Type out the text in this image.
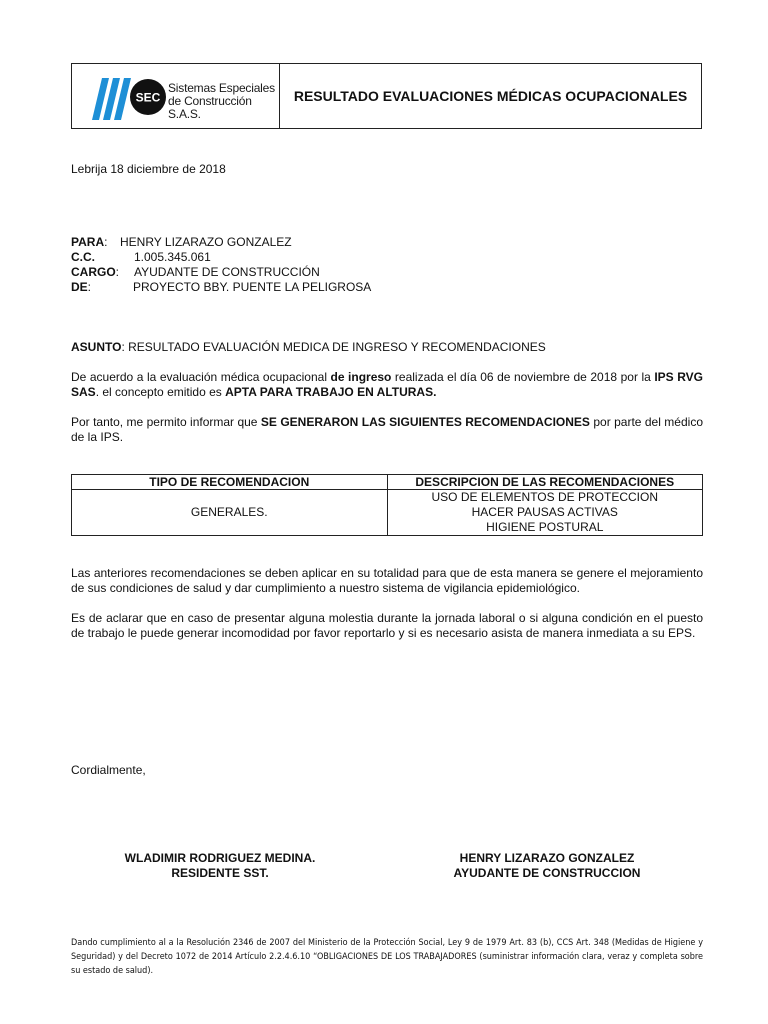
SEC
Sistemas Especiales
de Construcción S.A.S.
RESULTADO EVALUACIONES MÉDICAS OCUPACIONALES
Lebrija 18 diciembre de 2018
PARA: HENRY LIZARAZO GONZALEZ
C.C.	1.005.345.061
CARGO: AYUDANTE DE CONSTRUCCIÓN
DE:	PROYECTO BBY. PUENTE LA PELIGROSA
ASUNTO: RESULTADO EVALUACIÓN MEDICA DE INGRESO Y RECOMENDACIONES
De acuerdo a la evaluación médica ocupacional de ingreso realizada el día 06 de noviembre de 2018 por la IPS RVG SAS. el concepto emitido es APTA PARA TRABAJO EN ALTURAS.
Por tanto, me permito informar que SE GENERARON LAS SIGUIENTES RECOMENDACIONES por parte del médico de la IPS.
TIPO DE RECOMENDACION	DESCRIPCION DE LAS RECOMENDACIONES
GENERALES.	USO DE ELEMENTOS DE PROTECCION
HACER PAUSAS ACTIVAS
HIGIENE POSTURAL
Las anteriores recomendaciones se deben aplicar en su totalidad para que de esta manera se genere el mejoramiento de sus condiciones de salud y dar cumplimiento a nuestro sistema de vigilancia epidemiológico.
Es de aclarar que en caso de presentar alguna molestia durante la jornada laboral o si alguna condición en el puesto de trabajo le puede generar incomodidad por favor reportarlo y si es necesario asista de manera inmediata a su EPS.
Cordialmente,
WLADIMIR RODRIGUEZ MEDINA.
RESIDENTE SST.
HENRY LIZARAZO GONZALEZ
AYUDANTE DE CONSTRUCCION
Dando cumplimiento al a la Resolución 2346 de 2007 del Ministerio de la Protección Social, Ley 9 de 1979 Art. 83 (b), CCS Art. 348 (Medidas de Higiene y Seguridad) y del Decreto 1072 de 2014 Artículo 2.2.4.6.10 “OBLIGACIONES DE LOS TRABAJADORES (suministrar información clara, veraz y completa sobre su estado de salud).
